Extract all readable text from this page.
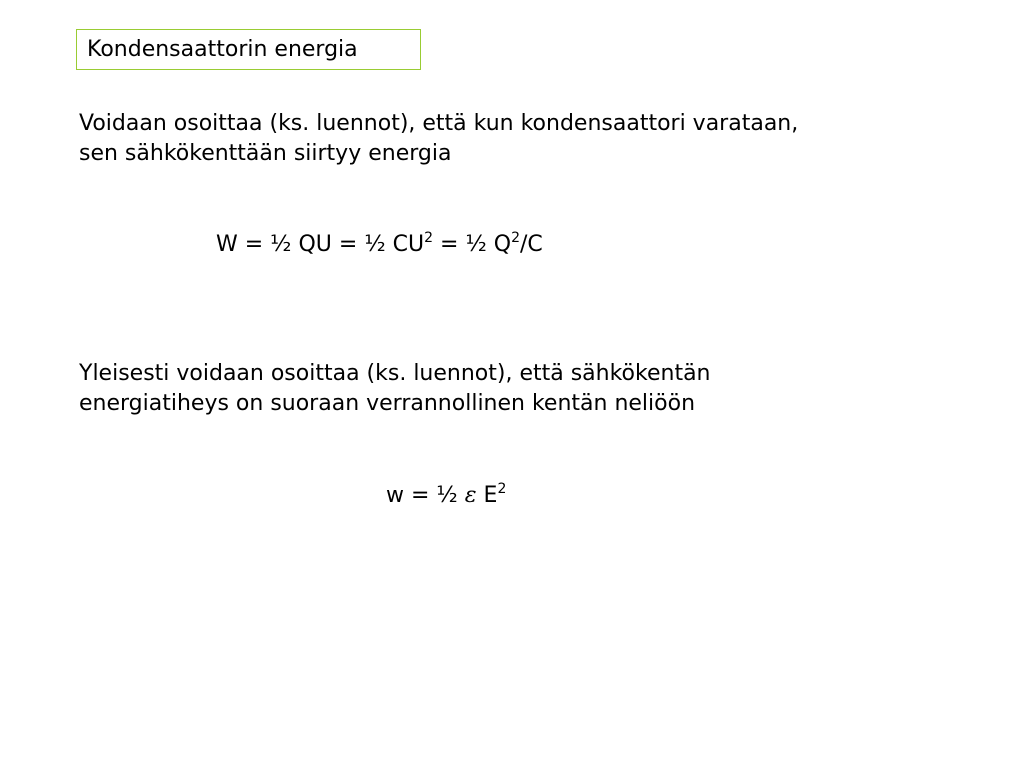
Kondensaattorin energia
Voidaan osoittaa (ks. luennot), että kun kondensaattori varataan,
sen sähkökenttään siirtyy energia
W = ½ QU = ½ $CU^2$ = ½ $Q^2/C$
Yleisesti voidaan osoittaa (ks. luennot), että sähkökentän
energiatiheys on suoraan verrannollinen kentän neliöön
w = ½ ε $E^2$
